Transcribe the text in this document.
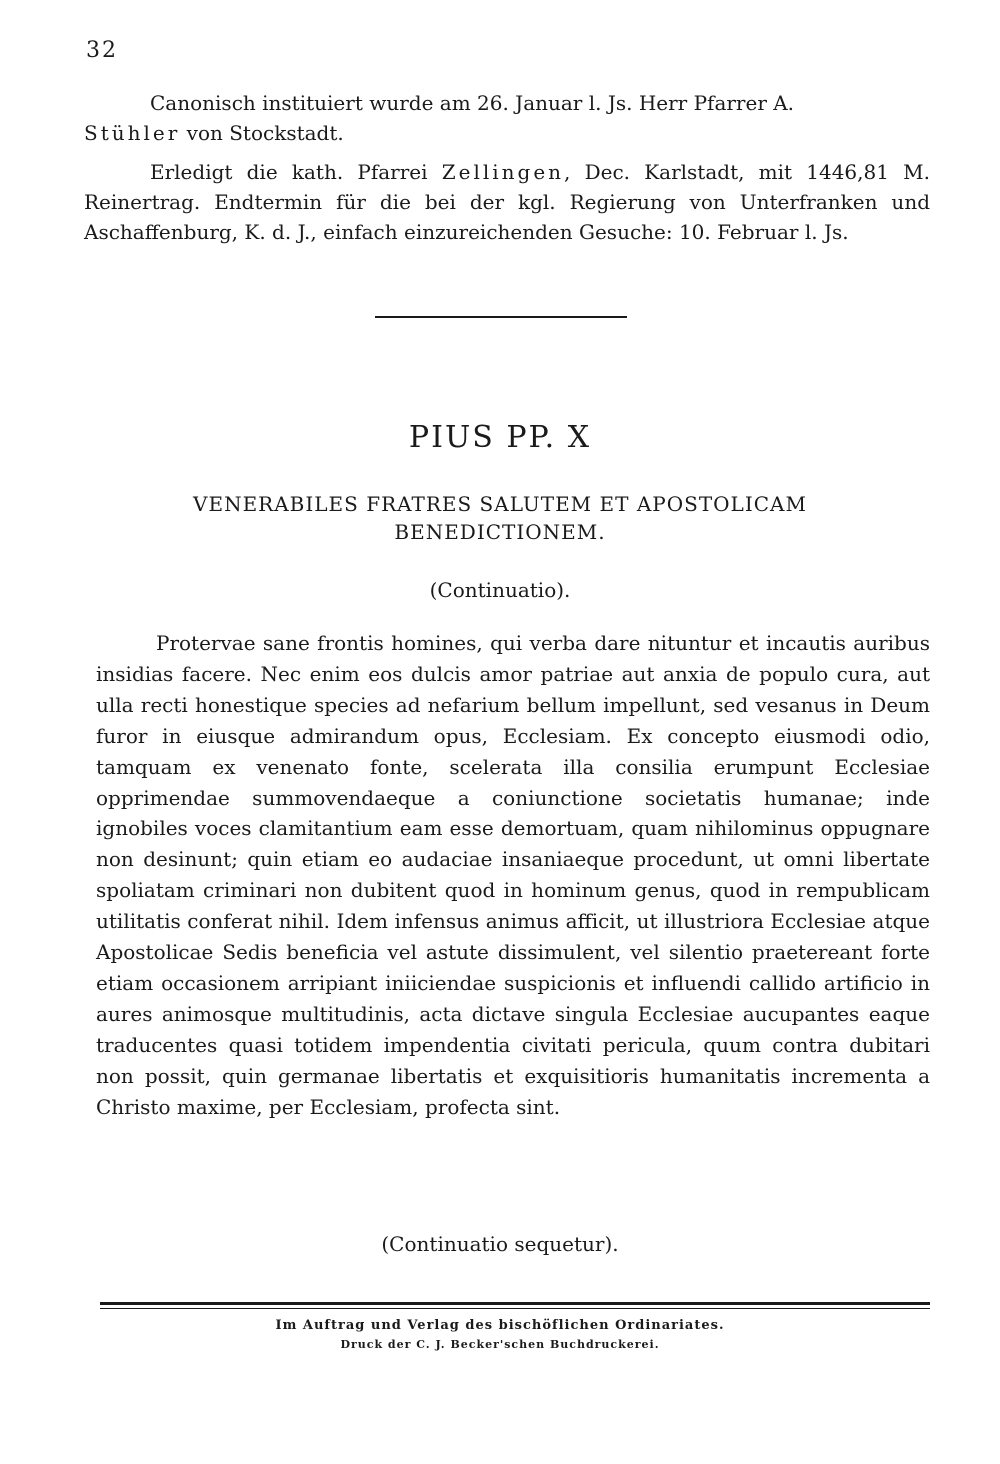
32

Canonisch instituiert wurde am 26. Januar l. Js. Herr Pfarrer A.
Stühler von Stockstadt.

Erledigt die kath. Pfarrei Zellingen, Dec. Karlstadt, mit 1446,81 M. Reinertrag. Endtermin für die bei der kgl. Regierung von Unterfranken und Aschaffenburg, K. d. J., einfach einzureichenden Gesuche: 10. Februar l. Js.

PIUS PP. X
VENERABILES FRATRES SALUTEM ET APOSTOLICAM BENEDICTIONEM.
(Continuatio).

Protervae sane frontis homines, qui verba dare nituntur et incautis auribus insidias facere. Nec enim eos dulcis amor patriae aut anxia de populo cura, aut ulla recti honestique species ad nefarium bellum impellunt, sed vesanus in Deum furor in eiusque admirandum opus, Ecclesiam. Ex concepto eiusmodi odio, tamquam ex venenato fonte, scelerata illa consilia erumpunt Ecclesiae opprimendae summovendaeque a coniunctione societatis humanae; inde ignobiles voces clamitantium eam esse demortuam, quam nihilominus oppugnare non desinunt; quin etiam eo audaciae insaniaeque procedunt, ut omni libertate spoliatam criminari non dubitent quod in hominum genus, quod in rempublicam utilitatis conferat nihil. Idem infensus animus afficit, ut illustriora Ecclesiae atque Apostolicae Sedis beneficia vel astute dissimulent, vel silentio praetereant forte etiam occasionem arripiant iniiciendae suspicionis et influendi callido artificio in aures animosque multitudinis, acta dictave singula Ecclesiae aucupantes eaque traducentes quasi totidem impendentia civitati pericula, quum contra dubitari non possit, quin germanae libertatis et exquisitioris humanitatis incrementa a Christo maxime, per Ecclesiam, profecta sint.

(Continuatio sequetur).
Im Auftrag und Verlag des bischöflichen Ordinariates.
Druck der C. J. Becker'schen Buchdruckerei.
